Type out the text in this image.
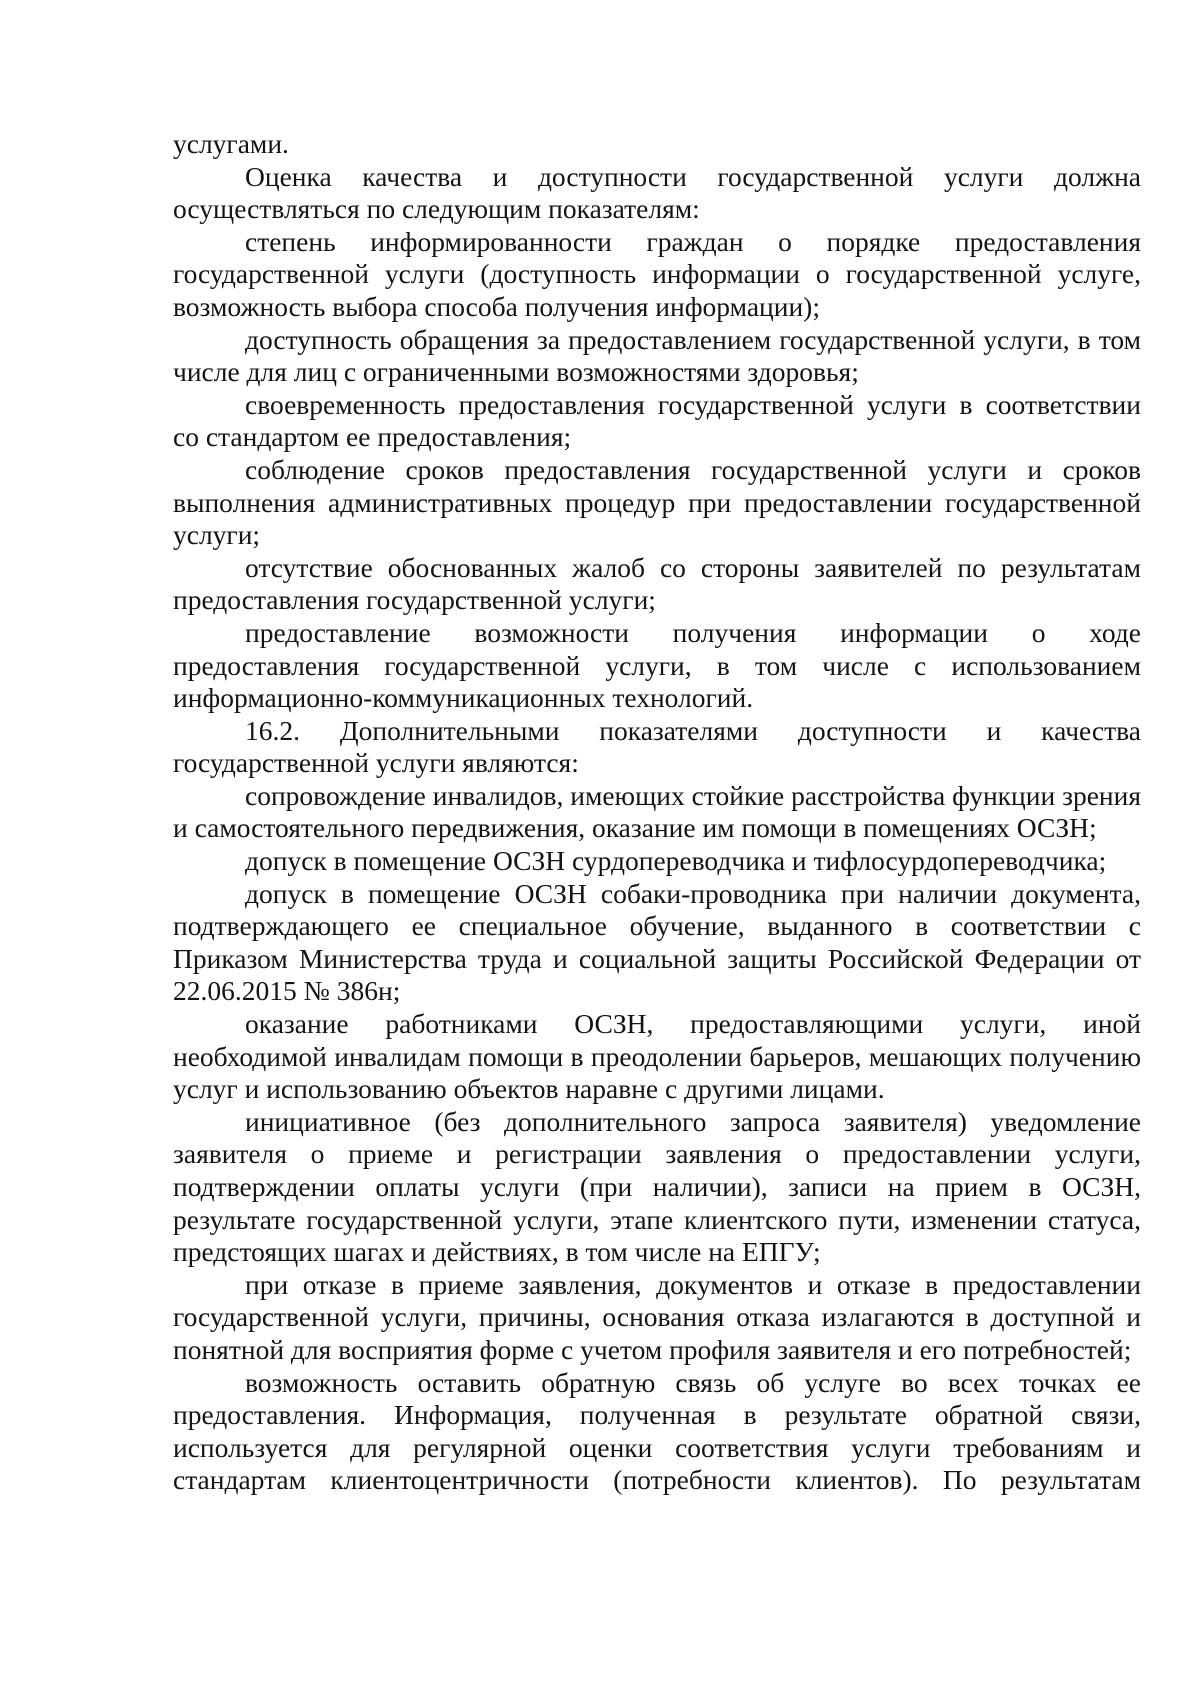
услугами.

Оценка качества и доступности государственной услуги должна осуществляться по следующим показателям:

степень информированности граждан о порядке предоставления государственной услуги (доступность информации о государственной услуге, возможность выбора способа получения информации);

доступность обращения за предоставлением государственной услуги, в том числе для лиц с ограниченными возможностями здоровья;

своевременность предоставления государственной услуги в соответствии со стандартом ее предоставления;

соблюдение сроков предоставления государственной услуги и сроков выполнения административных процедур при предоставлении государственной услуги;

отсутствие обоснованных жалоб со стороны заявителей по результатам предоставления государственной услуги;

предоставление возможности получения информации о ходе предоставления государственной услуги, в том числе с использованием информационно-коммуникационных технологий.

16.2. Дополнительными показателями доступности и качества государственной услуги являются:

сопровождение инвалидов, имеющих стойкие расстройства функции зрения и самостоятельного передвижения, оказание им помощи в помещениях ОСЗН;

допуск в помещение ОСЗН сурдопереводчика и тифлосурдопереводчика;

допуск в помещение ОСЗН собаки-проводника при наличии документа, подтверждающего ее специальное обучение, выданного в соответствии с Приказом Министерства труда и социальной защиты Российской Федерации от 22.06.2015 № 386н;

оказание работниками ОСЗН, предоставляющими услуги, иной необходимой инвалидам помощи в преодолении барьеров, мешающих получению услуг и использованию объектов наравне с другими лицами.

инициативное (без дополнительного запроса заявителя) уведомление заявителя о приеме и регистрации заявления о предоставлении услуги, подтверждении оплаты услуги (при наличии), записи на прием в ОСЗН, результате государственной услуги, этапе клиентского пути, изменении статуса, предстоящих шагах и действиях, в том числе на ЕПГУ;

при отказе в приеме заявления, документов и отказе в предоставлении государственной услуги, причины, основания отказа излагаются в доступной и понятной для восприятия форме с учетом профиля заявителя и его потребностей;

возможность оставить обратную связь об услуге во всех точках ее предоставления. Информация, полученная в результате обратной связи, используется для регулярной оценки соответствия услуги требованиям и стандартам клиентоцентричности (потребности клиентов). По результатам
